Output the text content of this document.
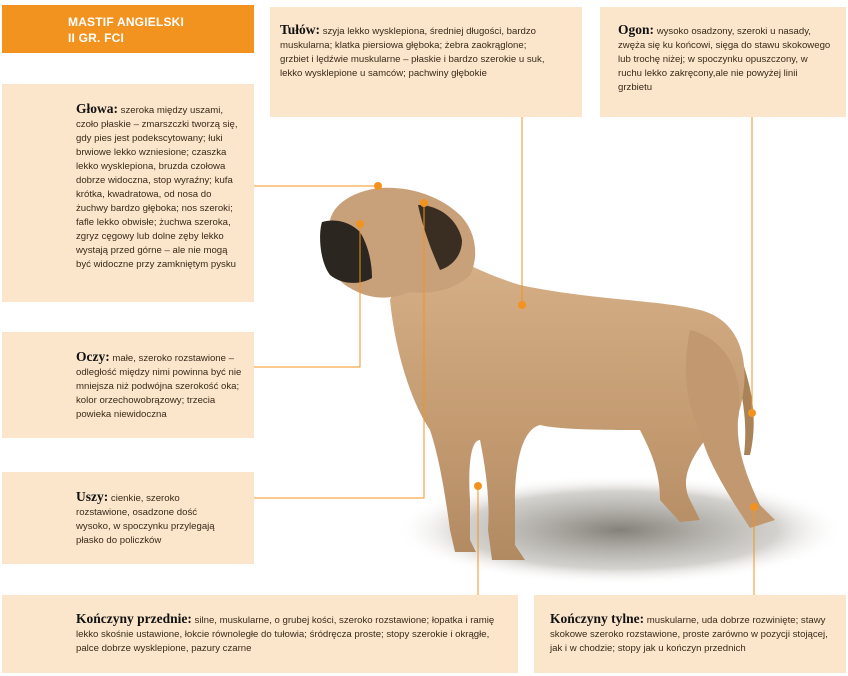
MASTIF ANGIELSKI
II GR. FCI
Głowa: szeroka między uszami, czoło płaskie – zmarszczki tworzą się, gdy pies jest podekscytowany; łuki brwiowe lekko wzniesione; czaszka lekko wysklepiona, bruzda czołowa dobrze widoczna, stop wyraźny; kufa krótka, kwadratowa, od nosa do żuchwy bardzo głęboka; nos szeroki; fafle lekko obwisłe; żuchwa szeroka, zgryz cęgowy lub dolne zęby lekko wystają przed górne – ale nie mogą być widoczne przy zamkniętym pysku
Oczy: małe, szeroko rozstawione – odległość między nimi powinna być nie mniejsza niż podwójna szerokość oka; kolor orzechowobrązowy; trzecia powieka niewidoczna
Uszy: cienkie, szeroko rozstawione, osadzone dość wysoko, w spoczynku przylegają płasko do policzków
Tułów: szyja lekko wysklepiona, średniej długości, bardzo muskularna; klatka piersiowa głęboka; żebra zaokrąglone; grzbiet i lędźwie muskularne – płaskie i bardzo szerokie u suk, lekko wysklepione u samców; pachwiny głębokie
Ogon: wysoko osadzony, szeroki u nasady, zwęża się ku końcowi, sięga do stawu skokowego lub trochę niżej; w spoczynku opuszczony, w ruchu lekko zakręcony,ale nie powyżej linii grzbietu
Kończyny przednie: silne, muskularne, o grubej kości, szeroko rozstawione; łopatka i ramię lekko skośnie ustawione, łokcie równoległe do tułowia; śródręcza proste; stopy szerokie i okrągłe, palce dobrze wysklepione, pazury czarne
Kończyny tylne: muskularne, uda dobrze rozwinięte; stawy skokowe szeroko rozstawione, proste zarówno w pozycji stojącej, jak i w chodzie; stopy jak u kończyn przednich
